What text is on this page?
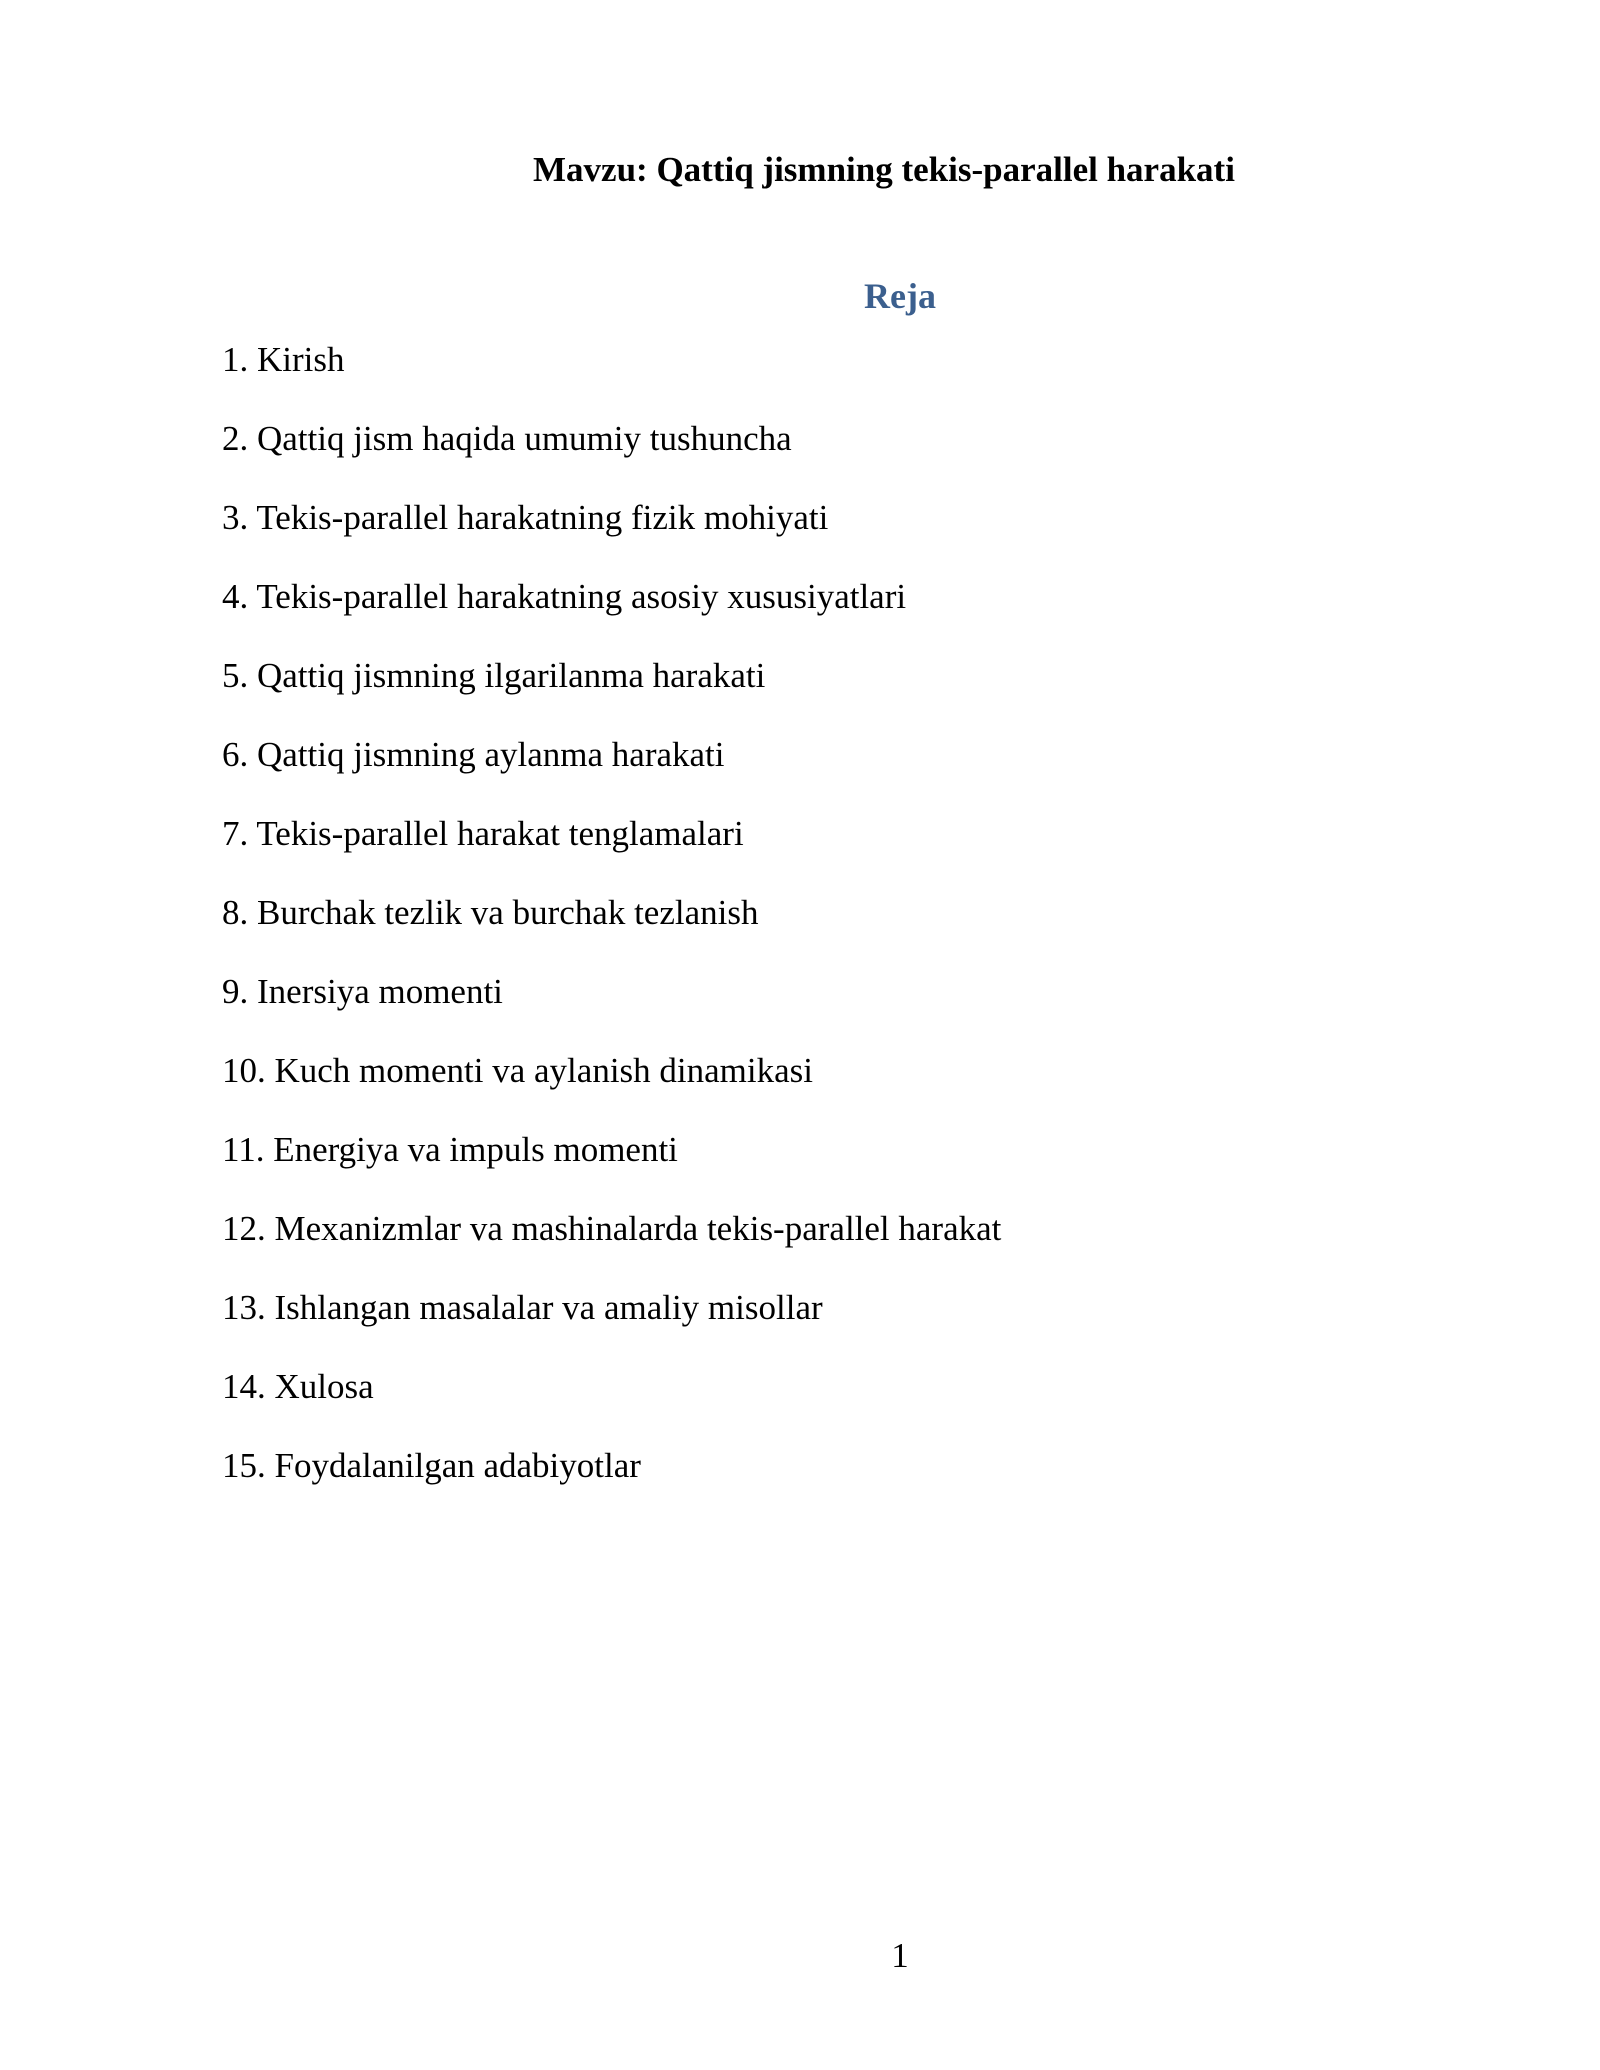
Mavzu: Qattiq jismning tekis-parallel harakati
Reja
1. Kirish
2. Qattiq jism haqida umumiy tushuncha
3. Tekis-parallel harakatning fizik mohiyati
4. Tekis-parallel harakatning asosiy xususiyatlari
5. Qattiq jismning ilgarilanma harakati
6. Qattiq jismning aylanma harakati
7. Tekis-parallel harakat tenglamalari
8. Burchak tezlik va burchak tezlanish
9. Inersiya momenti
10. Kuch momenti va aylanish dinamikasi
11. Energiya va impuls momenti
12. Mexanizmlar va mashinalarda tekis-parallel harakat
13. Ishlangan masalalar va amaliy misollar
14. Xulosa
15. Foydalanilgan adabiyotlar
1
